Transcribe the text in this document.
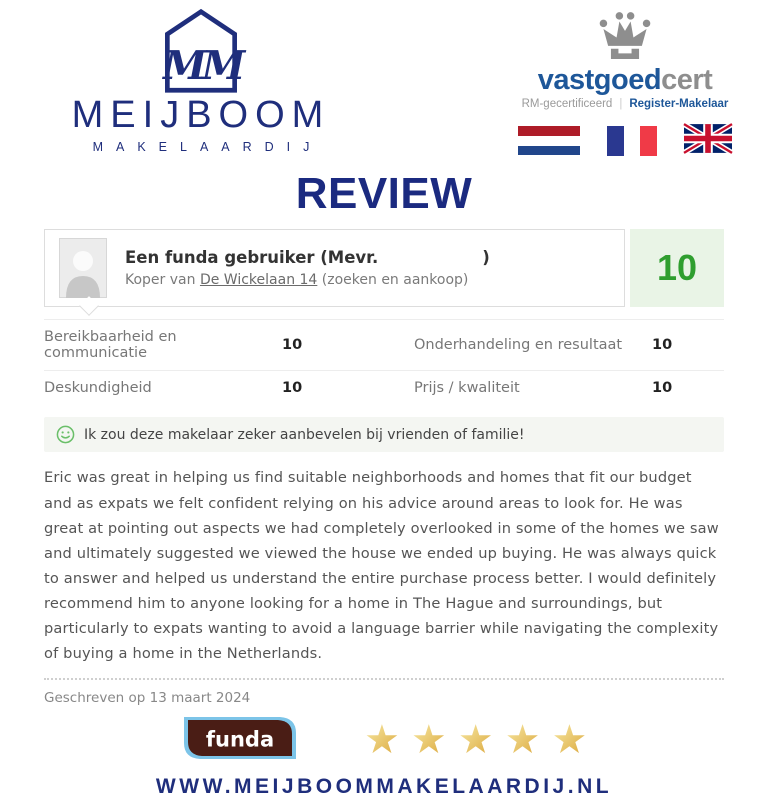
MM
MEIJBOOM
MAKELAARDIJ
vastgoedcert
RM-gecertificeerd | Register-Makelaar
REVIEW
Een funda gebruiker (Mevr.	)
Koper van De Wickelaan 14 (zoeken en aankoop)	10
Bereikbaarheid en communicatie	10	Onderhandeling en resultaat	10
Deskundigheid	10	Prijs / kwaliteit	10
Ik zou deze makelaar zeker aanbevelen bij vrienden of familie!
Eric was great in helping us find suitable neighborhoods and homes that fit our budget and as expats we felt confident relying on his advice around areas to look for. He was great at pointing out aspects we had completely overlooked in some of the homes we saw and ultimately suggested we viewed the house we ended up buying. He was always quick to answer and helped us understand the entire purchase process better. I would definitely recommend him to anyone looking for a home in The Hague and surroundings, but particularly to expats wanting to avoid a language barrier while navigating the complexity of buying a home in the Netherlands.
Geschreven op 13 maart 2024
funda ★ ★ ★ ★ ★
WWW.MEIJBOOMMAKELAARDIJ.NL
